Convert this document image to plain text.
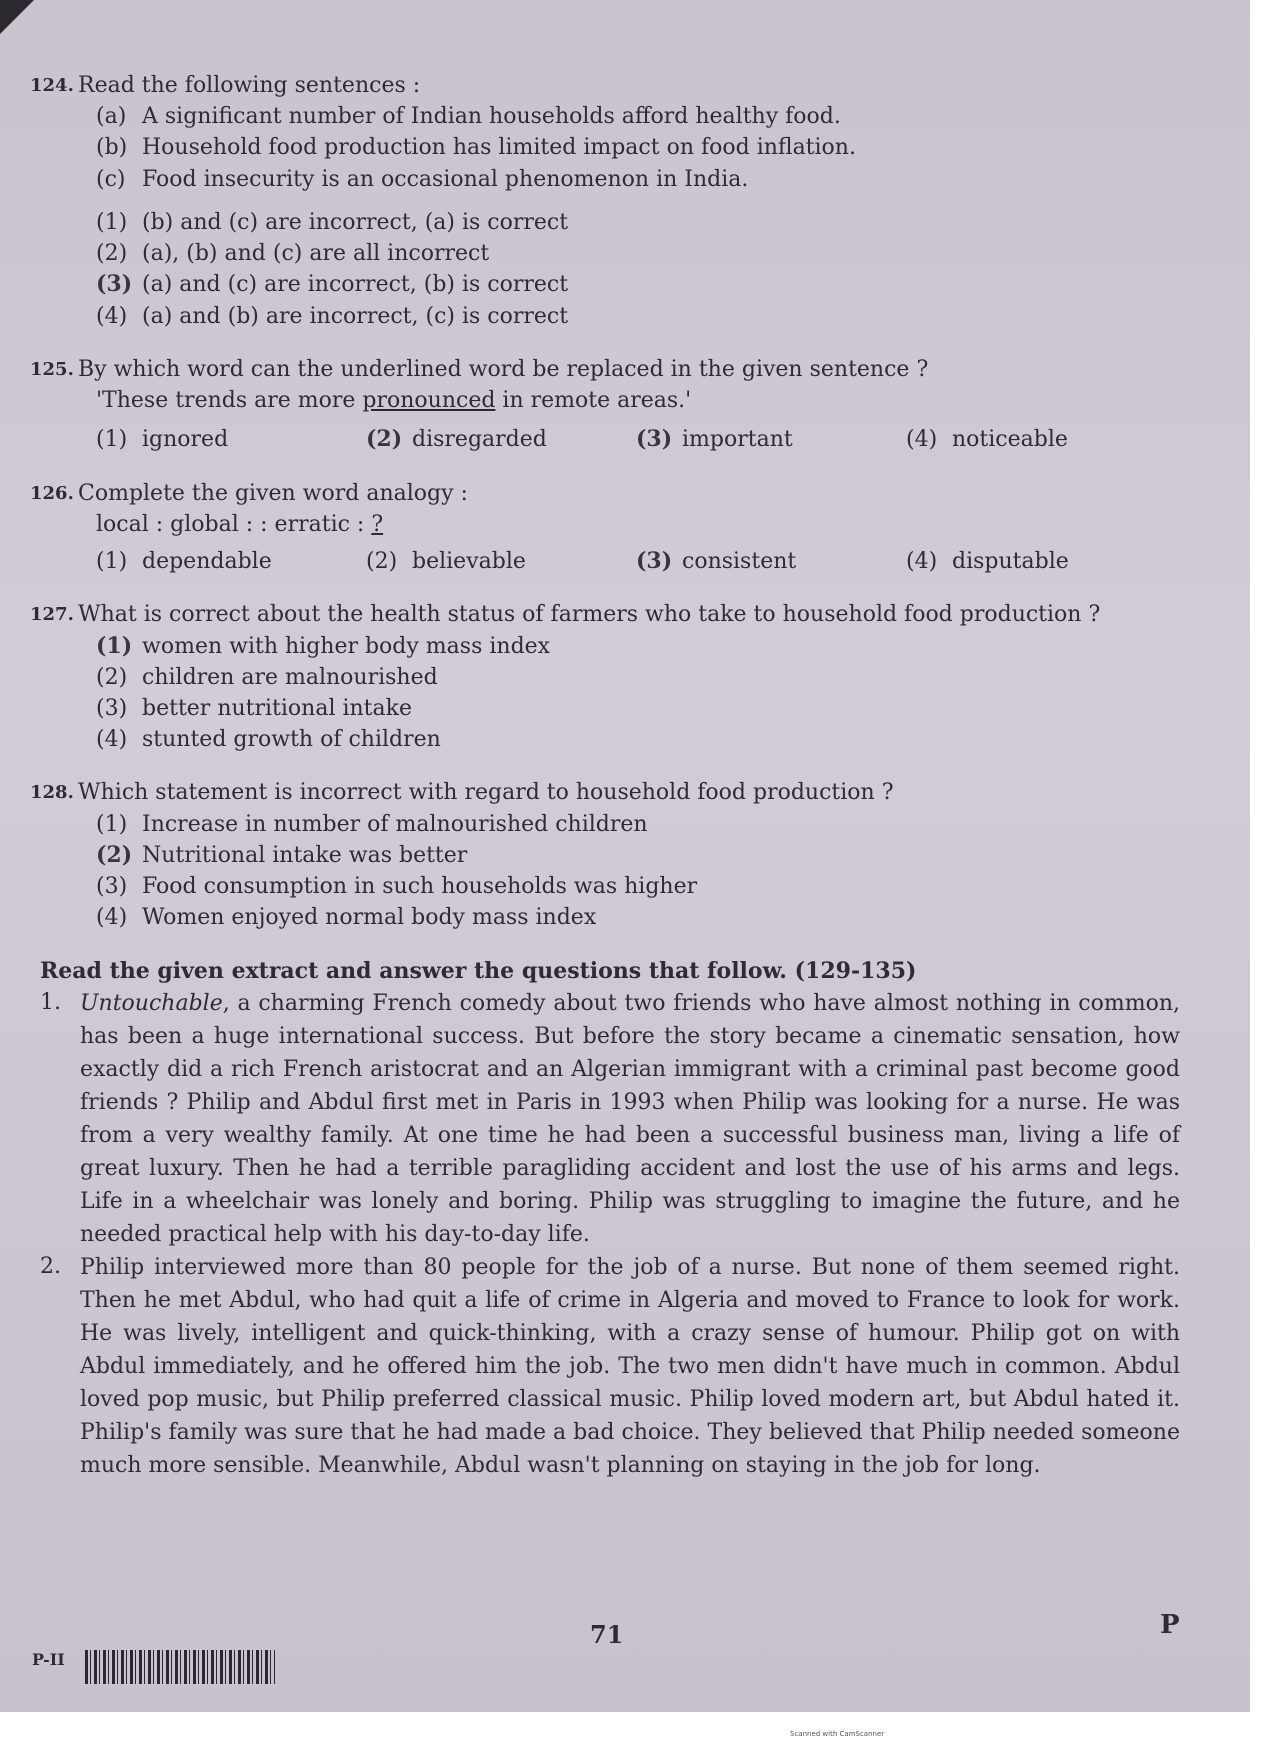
124. Read the following sentences :
(a) A significant number of Indian households afford healthy food.
(b) Household food production has limited impact on food inflation.
(c) Food insecurity is an occasional phenomenon in India.
(1) (b) and (c) are incorrect, (a) is correct
(2) (a), (b) and (c) are all incorrect
(3) (a) and (c) are incorrect, (b) is correct
(4) (a) and (b) are incorrect, (c) is correct
125. By which word can the underlined word be replaced in the given sentence ?
'These trends are more pronounced in remote areas.'
(1) ignored	(2) disregarded	(3) important	(4) noticeable
126. Complete the given word analogy :
local : global : : erratic : ?
(1) dependable	(2) believable	(3) consistent	(4) disputable
127. What is correct about the health status of farmers who take to household food production ?
(1) women with higher body mass index
(2) children are malnourished
(3) better nutritional intake
(4) stunted growth of children
128. Which statement is incorrect with regard to household food production ?
(1) Increase in number of malnourished children
(2) Nutritional intake was better
(3) Food consumption in such households was higher
(4) Women enjoyed normal body mass index
Read the given extract and answer the questions that follow. (129-135)
1. Untouchable, a charming French comedy about two friends who have almost nothing in common, has been a huge international success. But before the story became a cinematic sensation, how exactly did a rich French aristocrat and an Algerian immigrant with a criminal past become good friends ? Philip and Abdul first met in Paris in 1993 when Philip was looking for a nurse. He was from a very wealthy family. At one time he had been a successful business man, living a life of great luxury. Then he had a terrible paragliding accident and lost the use of his arms and legs. Life in a wheelchair was lonely and boring. Philip was struggling to imagine the future, and he needed practical help with his day-to-day life.
2. Philip interviewed more than 80 people for the job of a nurse. But none of them seemed right. Then he met Abdul, who had quit a life of crime in Algeria and moved to France to look for work. He was lively, intelligent and quick-thinking, with a crazy sense of humour. Philip got on with Abdul immediately, and he offered him the job. The two men didn't have much in common. Abdul loved pop music, but Philip preferred classical music. Philip loved modern art, but Abdul hated it. Philip's family was sure that he had made a bad choice. They believed that Philip needed someone much more sensible. Meanwhile, Abdul wasn't planning on staying in the job for long.
71	P
P-II
Scanned with CamScanner
